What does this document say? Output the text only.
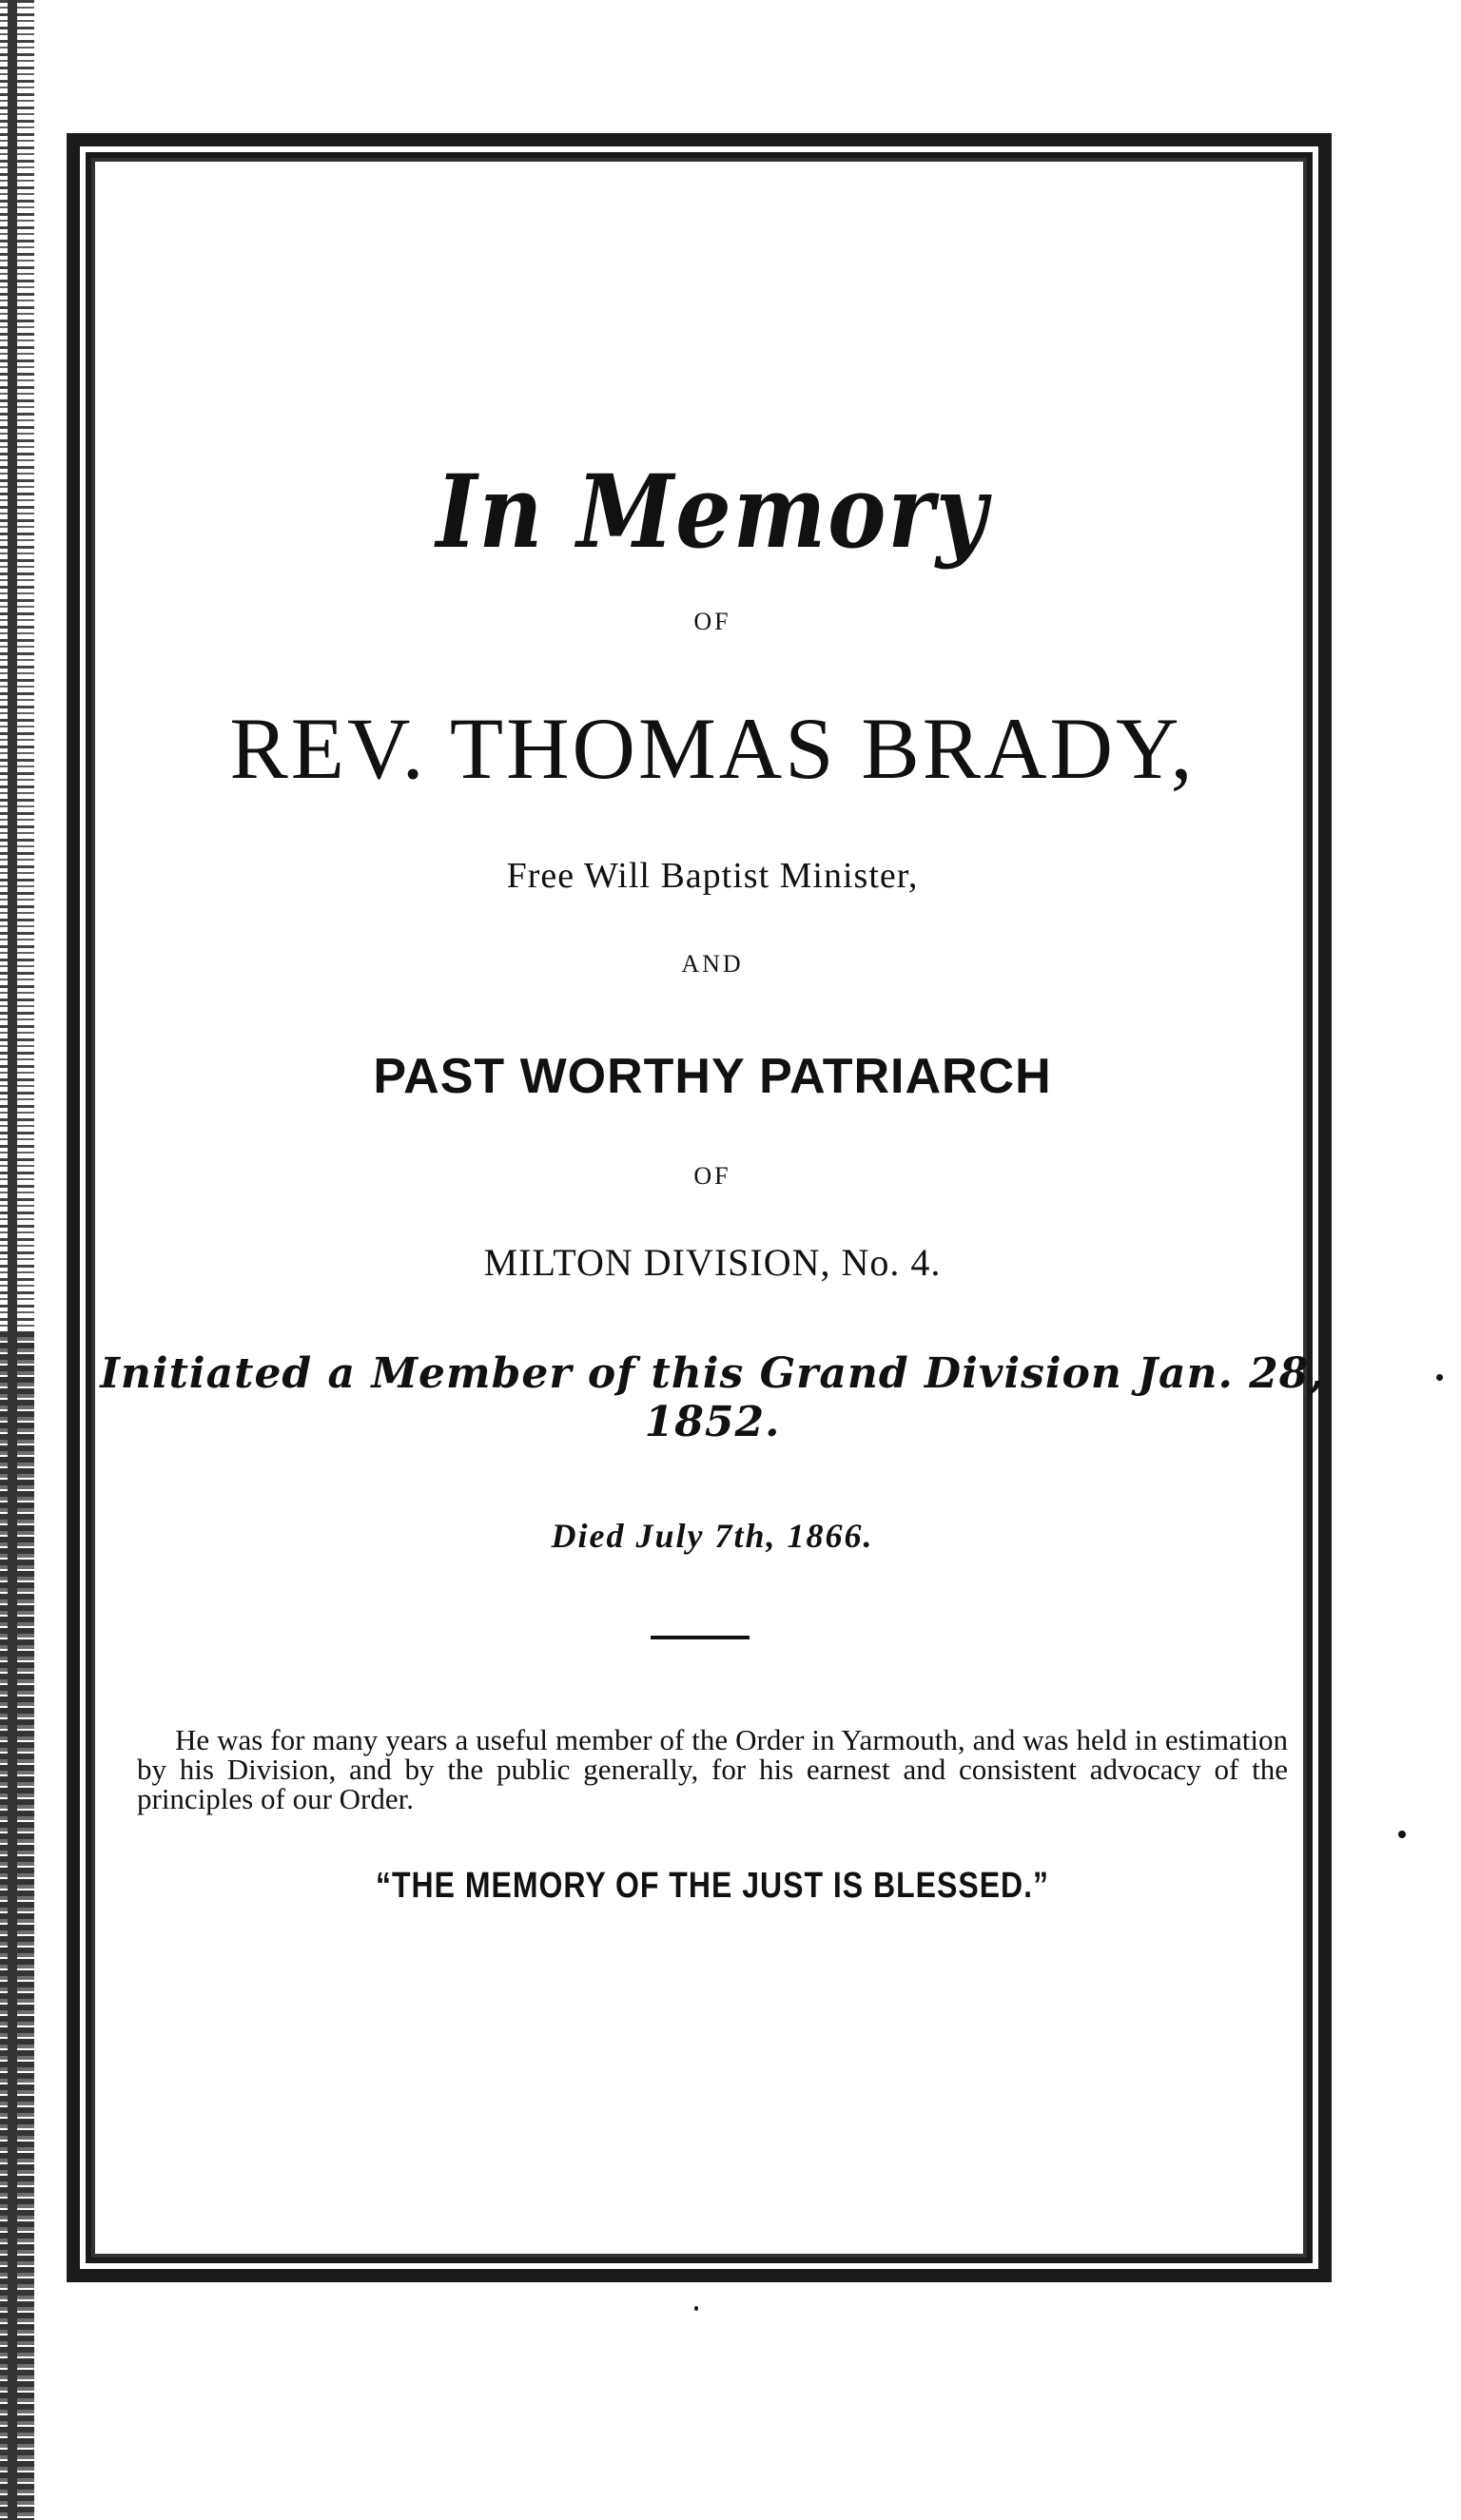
In Memory
OF
REV. THOMAS BRADY,
Free Will Baptist Minister,
AND
PAST WORTHY PATRIARCH
OF
MILTON DIVISION, No. 4.
Initiated a Member of this Grand Division Jan. 28, 1852.
Died July 7th, 1866.
He was for many years a useful member of the Order in Yarmouth, and was held in estimation by his Division, and by the public generally, for his earnest and consistent advocacy of the principles of our Order.
“THE MEMORY OF THE JUST IS BLESSED.”
